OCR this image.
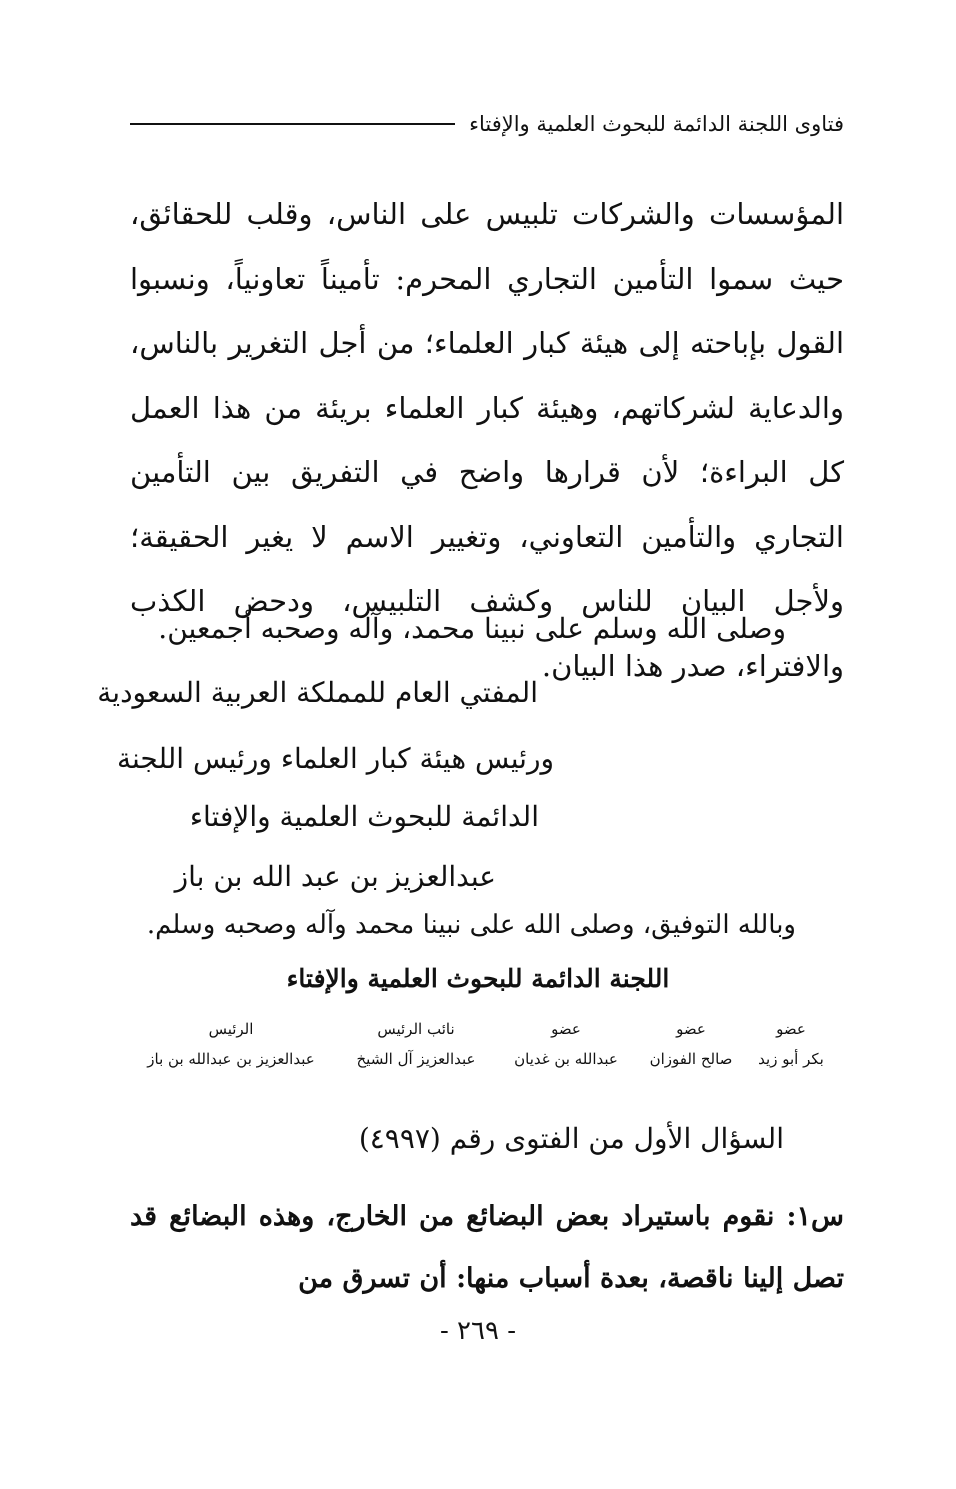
فتاوى اللجنة الدائمة للبحوث العلمية والإفتاء
المؤسسات والشركات تلبيس على الناس، وقلب للحقائق، حيث سموا التأمين التجاري المحرم: تأميناً تعاونياً، ونسبوا القول بإباحته إلى هيئة كبار العلماء؛ من أجل التغرير بالناس، والدعاية لشركاتهم، وهيئة كبار العلماء بريئة من هذا العمل كل البراءة؛ لأن قرارها واضح في التفريق بين التأمين التجاري والتأمين التعاوني، وتغيير الاسم لا يغير الحقيقة؛ ولأجل البيان للناس وكشف التلبيس، ودحض الكذب والافتراء، صدر هذا البيان.
وصلى الله وسلم على نبينا محمد، وآله وصحبه أجمعين.
المفتي العام للمملكة العربية السعودية
ورئيس هيئة كبار العلماء ورئيس اللجنة
الدائمة للبحوث العلمية والإفتاء
عبدالعزيز بن عبد الله بن باز
وبالله التوفيق، وصلى الله على نبينا محمد وآله وصحبه وسلم.
اللجنة الدائمة للبحوث العلمية والإفتاء
عضو
بكر أبو زيد
عضو
صالح الفوزان
عضو
عبدالله بن غديان
نائب الرئيس
عبدالعزيز آل الشيخ
الرئيس
عبدالعزيز بن عبدالله بن باز
السؤال الأول من الفتوى رقم (٤٩٩٧)
س١: نقوم باستيراد بعض البضائع من الخارج، وهذه البضائع قد تصل إلينا ناقصة، بعدة أسباب منها: أن تسرق من
- ٢٦٩ -
